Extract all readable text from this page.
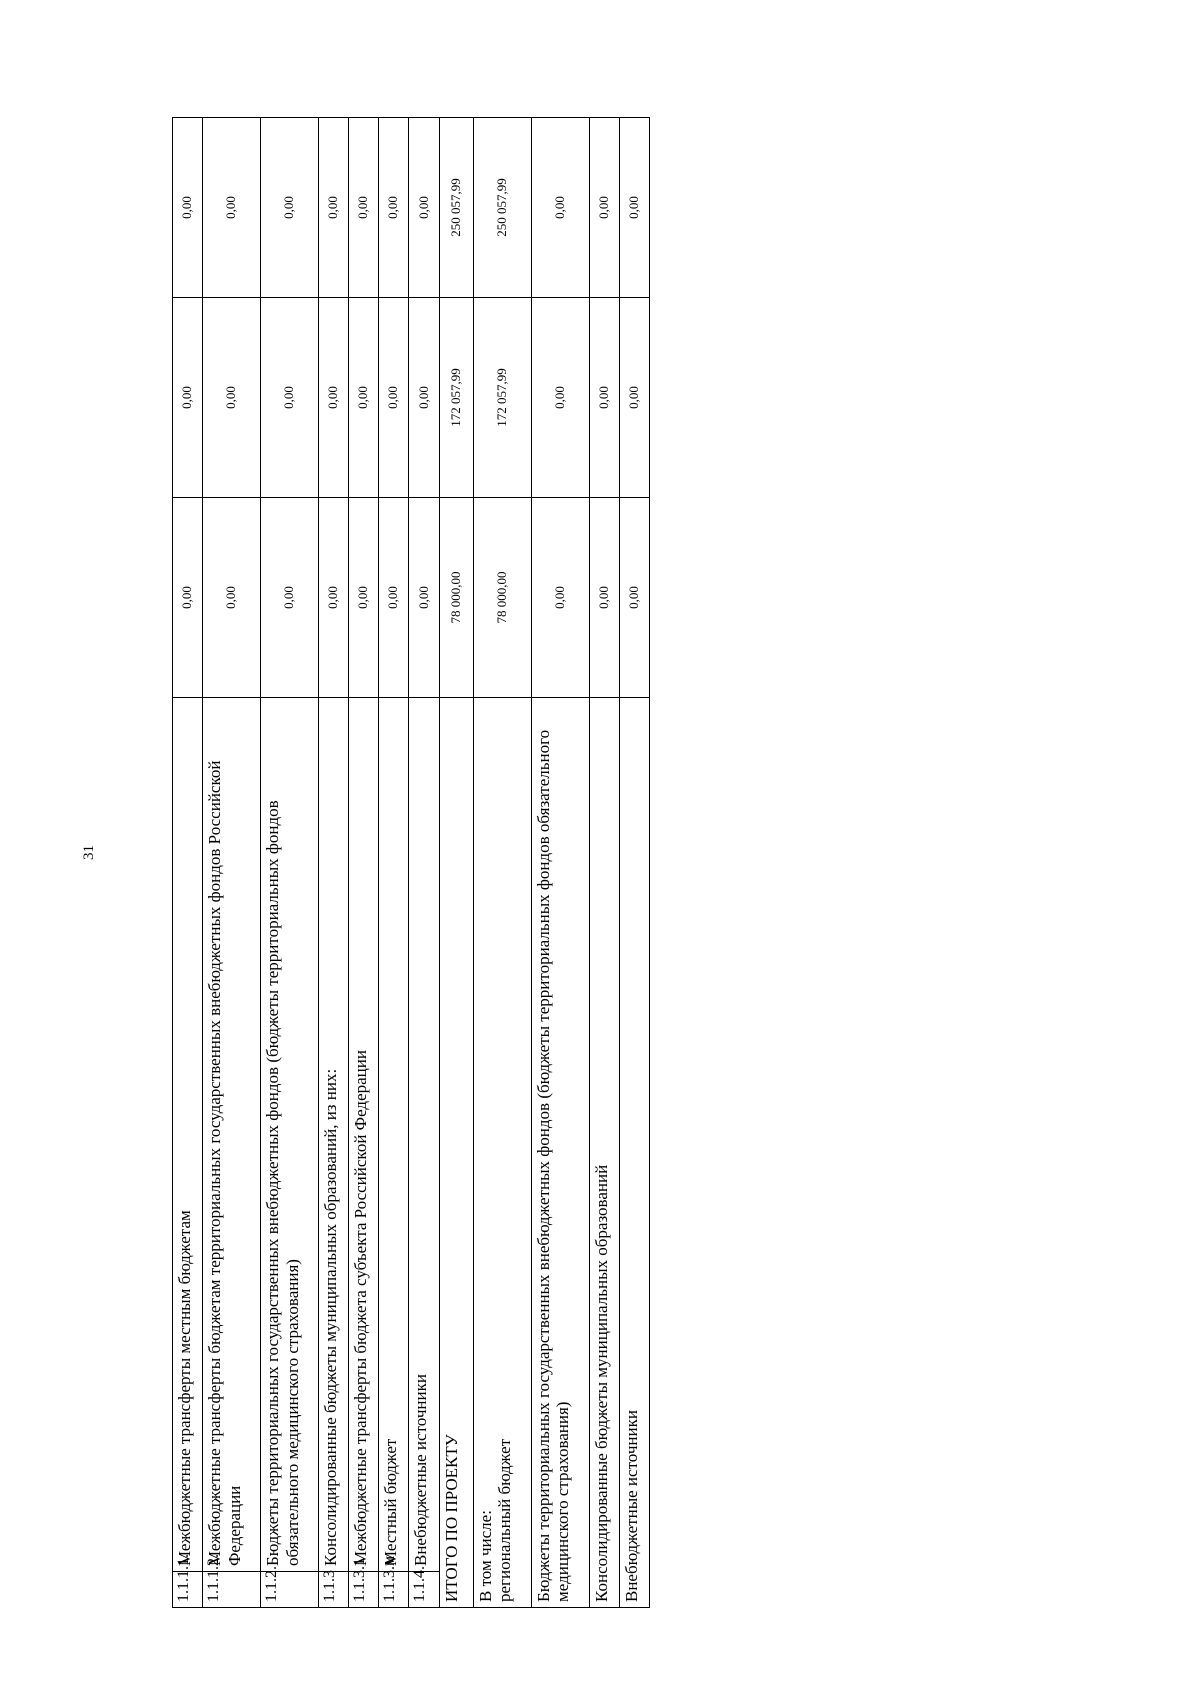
31
1.1.1.1.	Межбюджетные трансферты местным бюджетам	0,00	0,00	0,00
1.1.1.2.	Межбюджетные трансферты бюджетам территориальных государственных внебюджетных фондов Российской Федерации	0,00	0,00	0,00
1.1.2.	Бюджеты территориальных государственных внебюджетных фондов (бюджеты территориальных фондов обязательного медицинского страхования)	0,00	0,00	0,00
1.1.3	Консолидированные бюджеты муниципальных образований, из них:	0,00	0,00	0,00
1.1.3.1	Межбюджетные трансферты бюджета субъекта Российской Федерации	0,00	0,00	0,00
1.1.3.м	Местный бюджет	0,00	0,00	0,00
1.1.4.	Внебюджетные источники	0,00	0,00	0,00
ИТОГО ПО ПРОЕКТУ		78 000,00	172 057,99	250 057,99

В том числе: региональный бюджет		78 000,00	172 057,99	250 057,99
Бюджеты территориальных государственных внебюджетных фондов (бюджеты территориальных фондов обязательного медицинского страхования)		0,00	0,00	0,00
Консолидированные бюджеты муниципальных образований		0,00	0,00	0,00
Внебюджетные источники		0,00	0,00	0,00
